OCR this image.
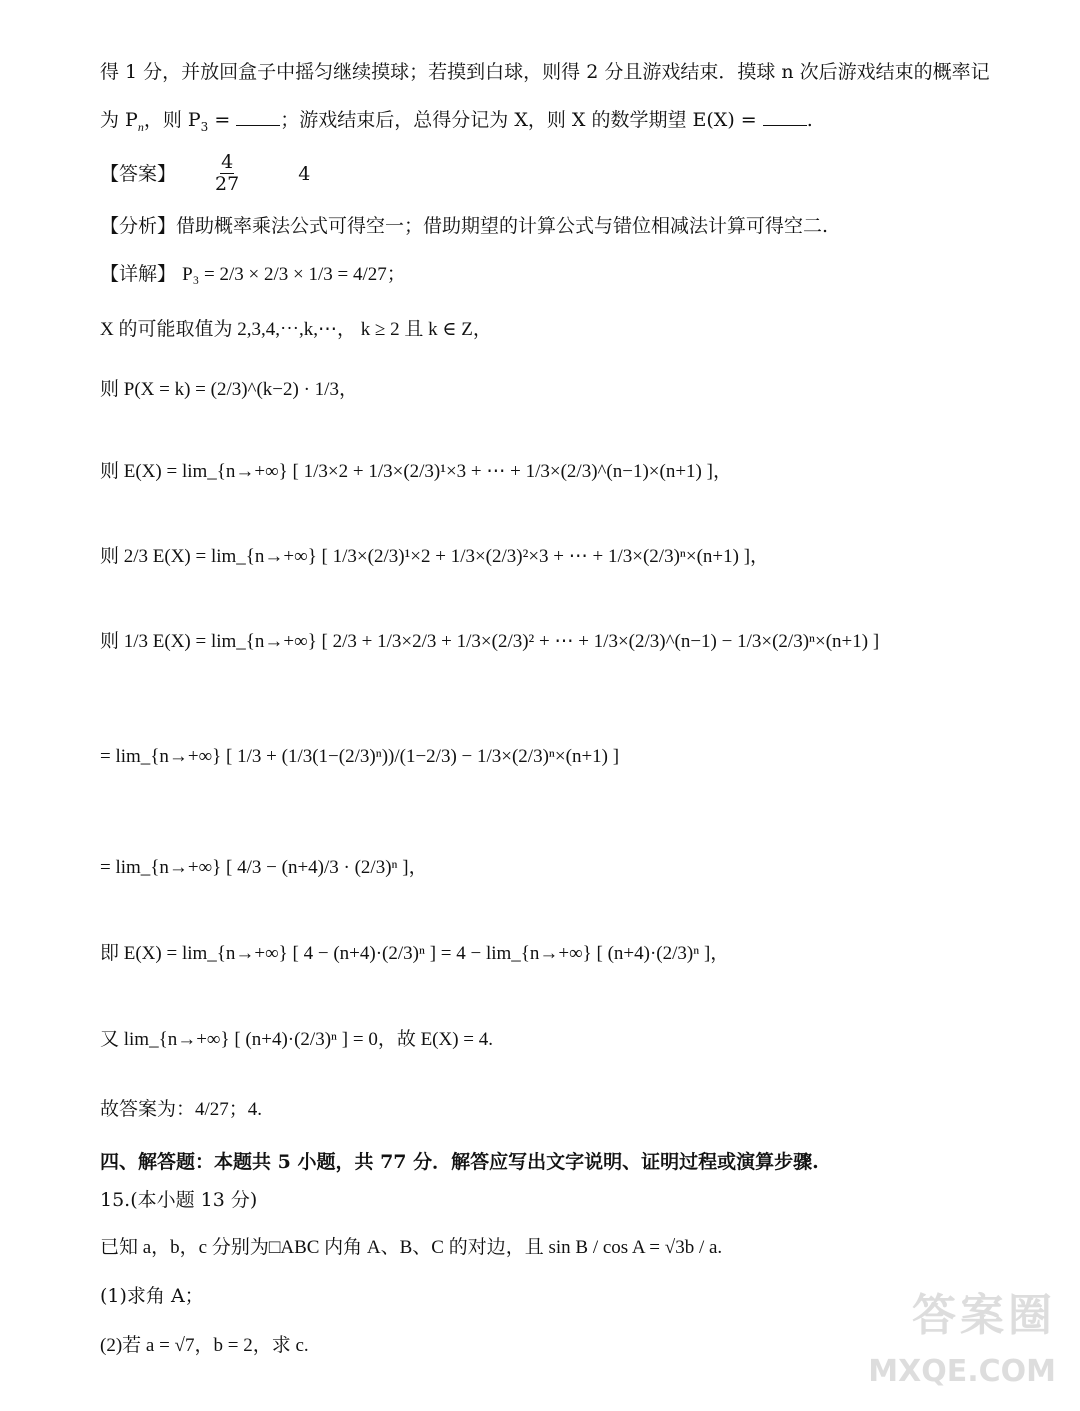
得 1 分，并放回盒子中摇匀继续摸球；若摸到白球，则得 2 分且游戏结束．摸球 n 次后游戏结束的概率记
为 $P_n$，则 $P_3$ = ；游戏结束后，总得分记为 X，则 X 的数学期望 E(X) = .
【答案】 $\frac{4}{27}$	4
【分析】借助概率乘法公式可得空一；借助期望的计算公式与错位相减法计算可得空二.
【详解】 P₃ = 2/3 × 2/3 × 1/3 = 4/27；
X 的可能取值为 2,3,4,⋯,k,⋯， k ≥ 2 且 k ∈ Z，
则 P(X = k) = (2/3)^(k−2) · 1/3，
则 E(X) = lim_{n→+∞} [ 1/3×2 + 1/3×(2/3)¹×3 + ⋯ + 1/3×(2/3)^(n−1)×(n+1) ]，
则 2/3 E(X) = lim_{n→+∞} [ 1/3×(2/3)¹×2 + 1/3×(2/3)²×3 + ⋯ + 1/3×(2/3)ⁿ×(n+1) ]，
则 1/3 E(X) = lim_{n→+∞} [ 2/3 + 1/3×2/3 + 1/3×(2/3)² + ⋯ + 1/3×(2/3)^(n−1) − 1/3×(2/3)ⁿ×(n+1) ]
= lim_{n→+∞} [ 1/3 + (1/3(1−(2/3)ⁿ))/(1−2/3) − 1/3×(2/3)ⁿ×(n+1) ]
= lim_{n→+∞} [ 4/3 − (n+4)/3 · (2/3)ⁿ ]，
即 E(X) = lim_{n→+∞} [ 4 − (n+4)·(2/3)ⁿ ] = 4 − lim_{n→+∞} [ (n+4)·(2/3)ⁿ ]，
又 lim_{n→+∞} [ (n+4)·(2/3)ⁿ ] = 0，故 E(X) = 4.
故答案为：4/27；4.
四、解答题：本题共 5 小题，共 77 分．解答应写出文字说明、证明过程或演算步骤.
15.(本小题 13 分)
已知 a，b，c 分别为□ABC 内角 A、B、C 的对边，且 sin B / cos A = √3b / a.
(1)求角 A；
(2)若 a = √7，b = 2，求 c.
答案圈
MXQE.COM
